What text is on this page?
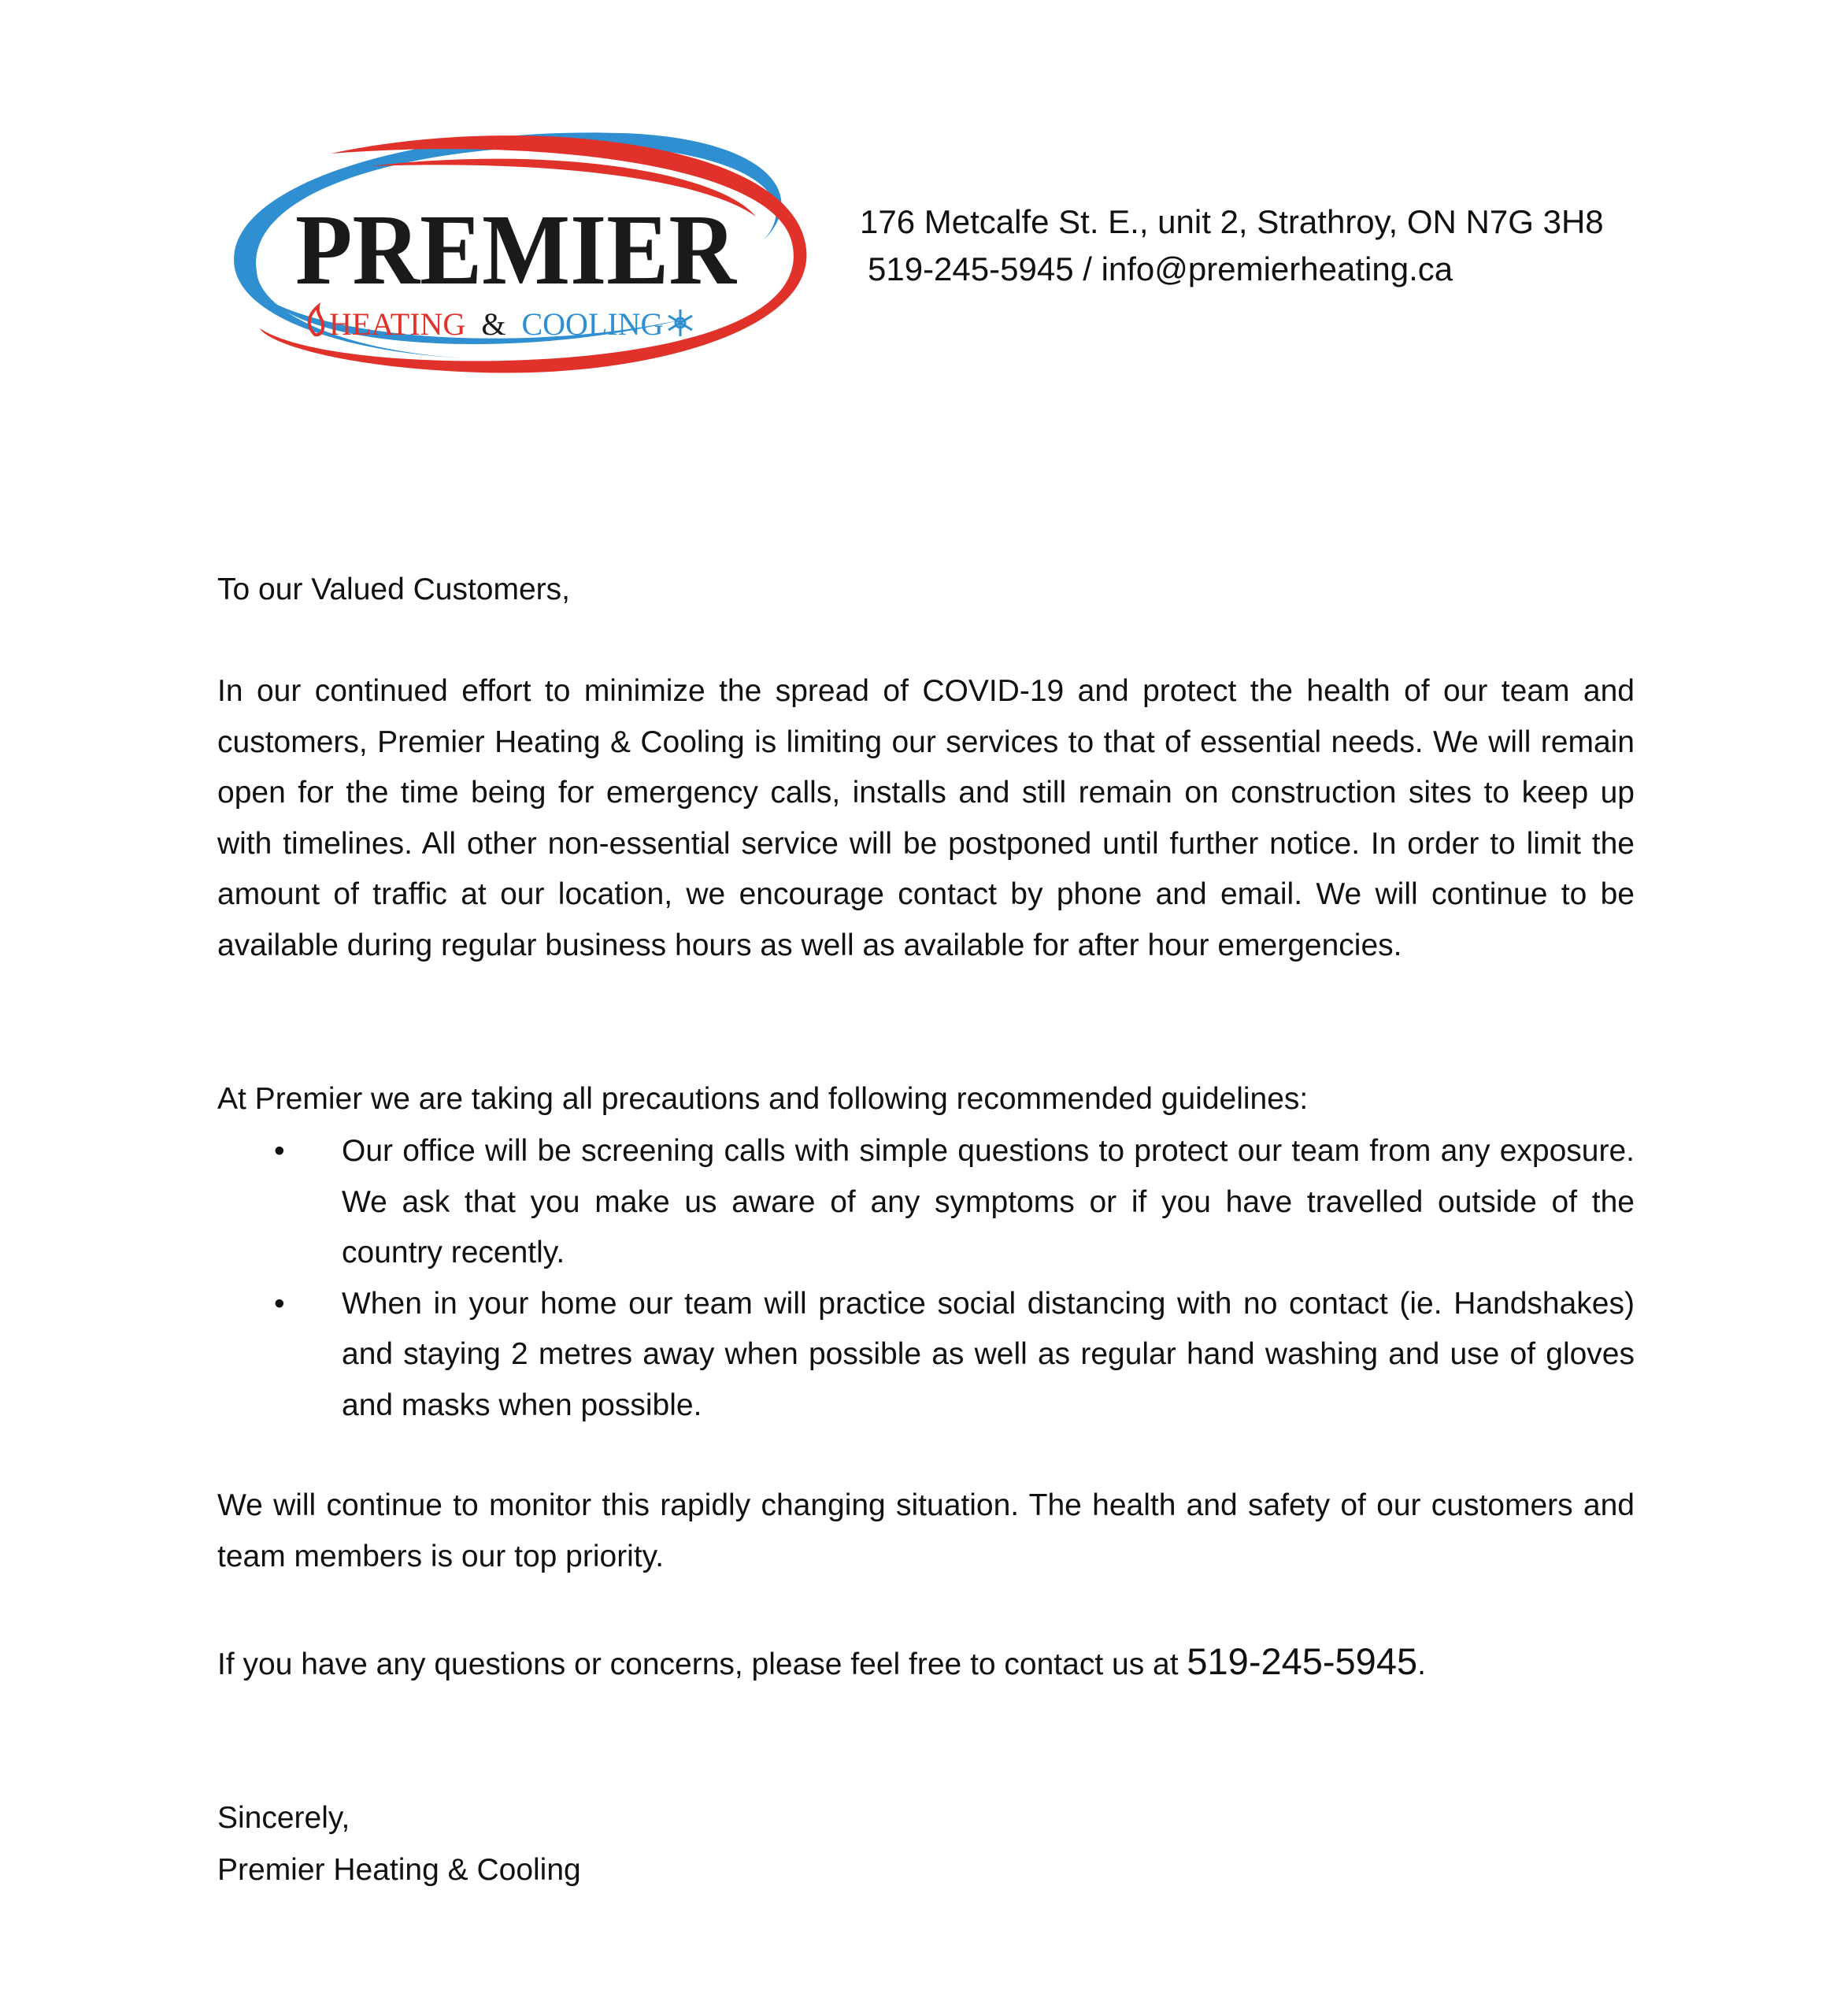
PREMIER
HEATING & COOLING
176 Metcalfe St. E., unit 2, Strathroy, ON N7G 3H8
519-245-5945 / info@premierheating.ca
To our Valued Customers,
In our continued effort to minimize the spread of COVID-19 and protect the health of our team and customers, Premier Heating & Cooling is limiting our services to that of essential needs. We will remain open for the time being for emergency calls, installs and still remain on construction sites to keep up with timelines. All other non-essential service will be postponed until further notice. In order to limit the amount of traffic at our location, we encourage contact by phone and email. We will continue to be available during regular business hours as well as available for after hour emergencies.
At Premier we are taking all precautions and following recommended guidelines:
• Our office will be screening calls with simple questions to protect our team from any exposure. We ask that you make us aware of any symptoms or if you have travelled outside of the country recently.
• When in your home our team will practice social distancing with no contact (ie. Handshakes) and staying 2 metres away when possible as well as regular hand washing and use of gloves and masks when possible.
We will continue to monitor this rapidly changing situation. The health and safety of our customers and team members is our top priority.
If you have any questions or concerns, please feel free to contact us at 519-245-5945.
Sincerely,
Premier Heating & Cooling
